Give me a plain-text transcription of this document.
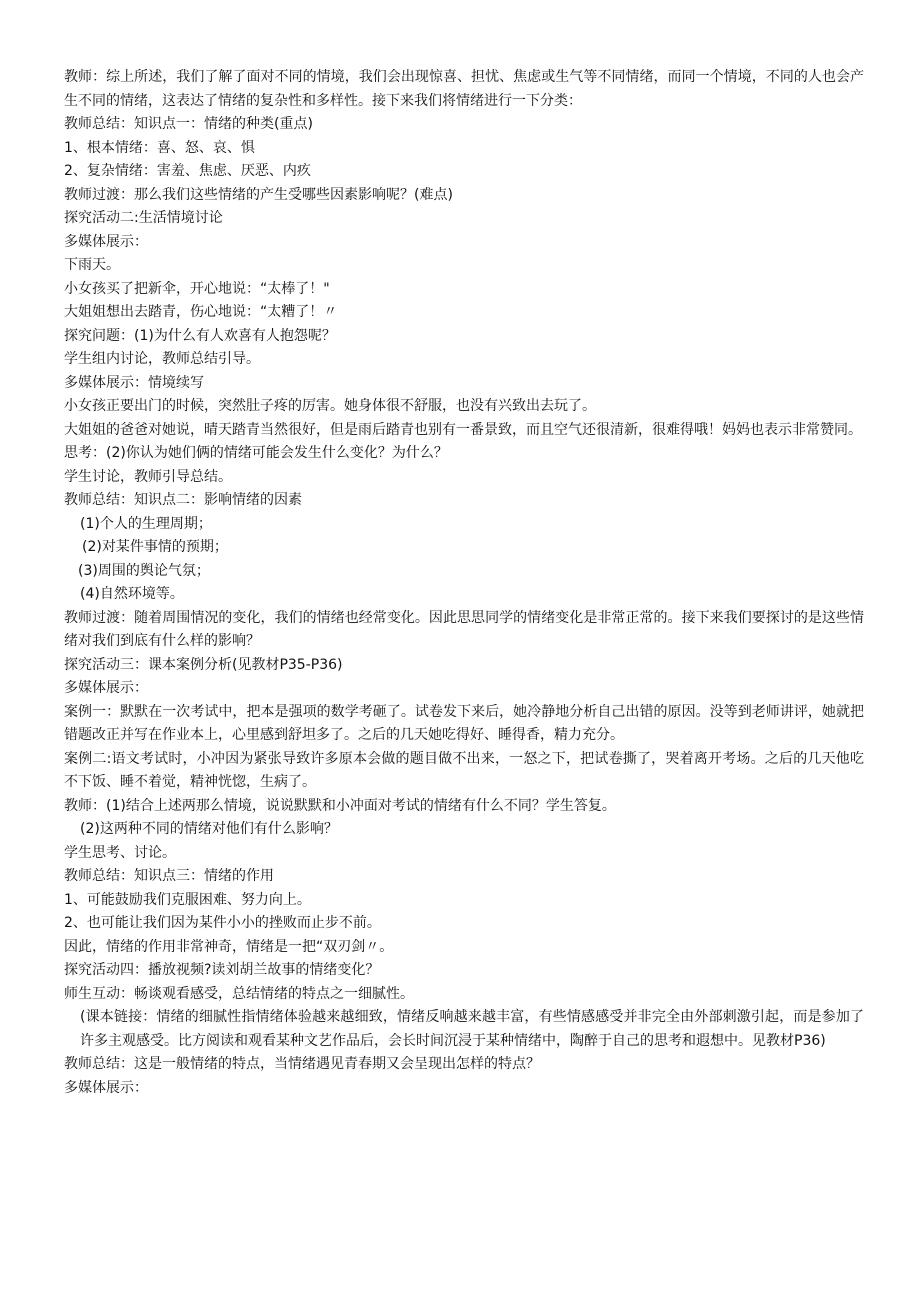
教师：综上所述，我们了解了面对不同的情境，我们会出现惊喜、担忧、焦虑或生气等不同情绪，而同一个情境，不同的人也会产生不同的情绪，这表达了情绪的复杂性和多样性。接下来我们将情绪进行一下分类：

教师总结：知识点一：情绪的种类(重点)

1、根本情绪：喜、怒、哀、惧

2、复杂情绪：害羞、焦虑、厌恶、内疚

教师过渡：那么我们这些情绪的产生受哪些因素影响呢？(难点)

探究活动二:生活情境讨论

多媒体展示：

下雨天。

小女孩买了把新伞，开心地说：“太棒了！"

大姐姐想出去踏青，伤心地说：“太糟了！〃

探究问题：(1)为什么有人欢喜有人抱怨呢？

学生组内讨论，教师总结引导。

多媒体展示：情境续写

小女孩正要出门的时候，突然肚子疼的厉害。她身体很不舒服，也没有兴致出去玩了。

大姐姐的爸爸对她说，晴天踏青当然很好，但是雨后踏青也别有一番景致，而且空气还很清新，很难得哦！妈妈也表示非常赞同。

思考：(2)你认为她们俩的情绪可能会发生什么变化？为什么？

学生讨论，教师引导总结。

教师总结：知识点二：影响情绪的因素

(1)个人的生理周期；

(2)对某件事情的预期；

(3)周围的舆论气氛；

(4)自然环境等。

教师过渡：随着周围情况的变化，我们的情绪也经常变化。因此思思同学的情绪变化是非常正常的。接下来我们要探讨的是这些情绪对我们到底有什么样的影响？

探究活动三：课本案例分析(见教材P35-P36)

多媒体展示：

案例一：默默在一次考试中，把本是强项的数学考砸了。试卷发下来后，她冷静地分析自己出错的原因。没等到老师讲评，她就把错题改正并写在作业本上，心里感到舒坦多了。之后的几天她吃得好、睡得香，精力充分。

案例二:语文考试时，小冲因为紧张导致许多原本会做的题目做不出来，一怒之下，把试卷撕了，哭着离开考场。之后的几天他吃不下饭、睡不着觉，精神恍惚，生病了。

教师：(1)结合上述两那么情境，说说默默和小冲面对考试的情绪有什么不同？学生答复。

(2)这两种不同的情绪对他们有什么影响？

学生思考、讨论。

教师总结：知识点三：情绪的作用

1、可能鼓励我们克服困难、努力向上。

2、也可能让我们因为某件小小的挫败而止步不前。

因此，情绪的作用非常神奇，情绪是一把“双刃剑〃。

探究活动四：播放视频?读刘胡兰故事的情绪变化？

师生互动：畅谈观看感受，总结情绪的特点之一细腻性。

(课本链接：情绪的细腻性指情绪体验越来越细致，情绪反响越来越丰富，有些情感感受并非完全由外部刺激引起，而是参加了许多主观感受。比方阅读和观看某种文艺作品后，会长时间沉浸于某种情绪中，陶醉于自己的思考和遐想中。见教材P36)

教师总结：这是一般情绪的特点，当情绪遇见青春期又会呈现出怎样的特点？

多媒体展示：
